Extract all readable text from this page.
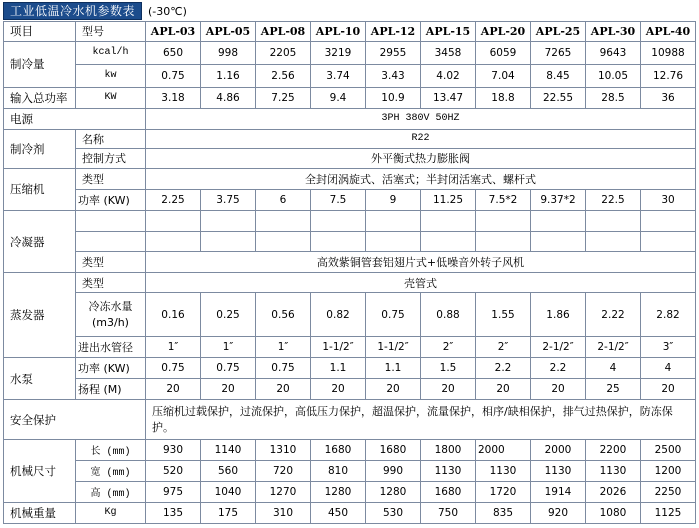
工业低温冷水机参数表	(-30℃)
项目	型号	APL-03	APL-05	APL-08	APL-10	APL-12	APL-15	APL-20	APL-25	APL-30	APL-40
制冷量	kcal/h	650	998	2205	3219	2955	3458	6059	7265	9643	10988
	kw	0.75	1.16	2.56	3.74	3.43	4.02	7.04	8.45	10.05	12.76
输入总功率	KW	3.18	4.86	7.25	9.4	10.9	13.47	18.8	22.55	28.5	36
电源		3PH 380V 50HZ									
制冷剂	名称	R22									
	控制方式	外平衡式热力膨胀阀									
压缩机	类型	全封闭涡旋式、活塞式；半封闭活塞式、螺杆式									
	功率 (KW)	2.25	3.75	6	7.5	9	11.25	7.5*2	9.37*2	22.5	30
冷凝器											

	类型	高效紫铜管套铝翅片式+低噪音外转子风机									
蒸发器	类型	壳管式									
	冷冻水量 (m3/h)	0.16	0.25	0.56	0.82	0.75	0.88	1.55	1.86	2.22	2.82
	进出水管径	1″	1″	1″	1-1/2″	1-1/2″	2″	2″	2-1/2″	2-1/2″	3″
水泵	功率 (KW)	0.75	0.75	0.75	1.1	1.1	1.5	2.2	2.2	4	4
	扬程 (M)	20	20	20	20	20	20	20	20	25	20
安全保护		压缩机过载保护，过流保护，高低压力保护，超温保护，流量保护，相序/缺相保护，排气过热保护，防冻保护。									
机械尺寸	长 (mm)	930	1140	1310	1680	1680	1800	2000	2000	2200	2500
	宽 (mm)	520	560	720	810	990	1130	1130	1130	1130	1200
	高 (mm)	975	1040	1270	1280	1280	1680	1720	1914	2026	2250
机械重量	Kg	135	175	310	450	530	750	835	920	1080	1125
